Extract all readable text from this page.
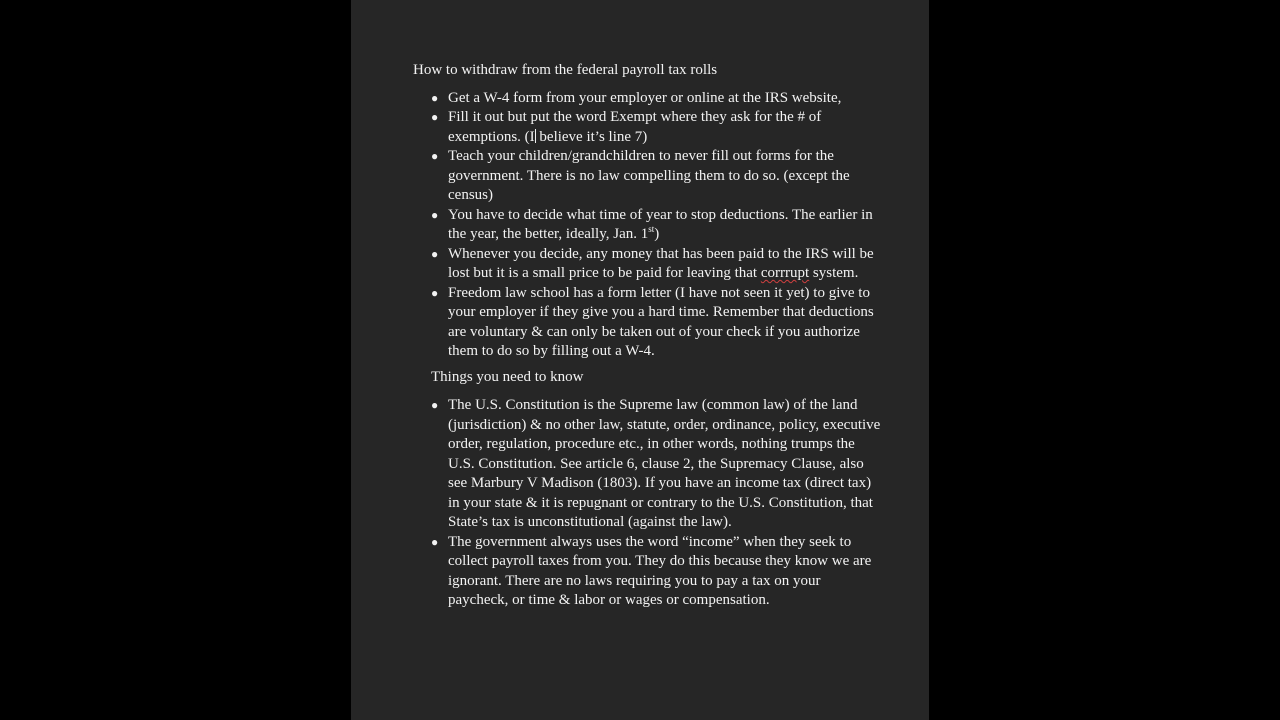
How to withdraw from the federal payroll tax rolls

● Get a W-4 form from your employer or online at the IRS website,
● Fill it out but put the word Exempt where they ask for the # of exemptions. (I believe it’s line 7)
● Teach your children/grandchildren to never fill out forms for the government. There is no law compelling them to do so. (except the census)
● You have to decide what time of year to stop deductions. The earlier in the year, the better, ideally, Jan. 1st)
● Whenever you decide, any money that has been paid to the IRS will be lost but it is a small price to be paid for leaving that corrrupt system.
● Freedom law school has a form letter (I have not seen it yet) to give to your employer if they give you a hard time. Remember that deductions are voluntary & can only be taken out of your check if you authorize them to do so by filling out a W-4.

Things you need to know

● The U.S. Constitution is the Supreme law (common law) of the land (jurisdiction) & no other law, statute, order, ordinance, policy, executive order, regulation, procedure etc., in other words, nothing trumps the U.S. Constitution. See article 6, clause 2, the Supremacy Clause, also see Marbury V Madison (1803). If you have an income tax (direct tax) in your state & it is repugnant or contrary to the U.S. Constitution, that State’s tax is unconstitutional (against the law).
● The government always uses the word “income” when they seek to collect payroll taxes from you. They do this because they know we are ignorant. There are no laws requiring you to pay a tax on your paycheck, or time & labor or wages or compensation.
